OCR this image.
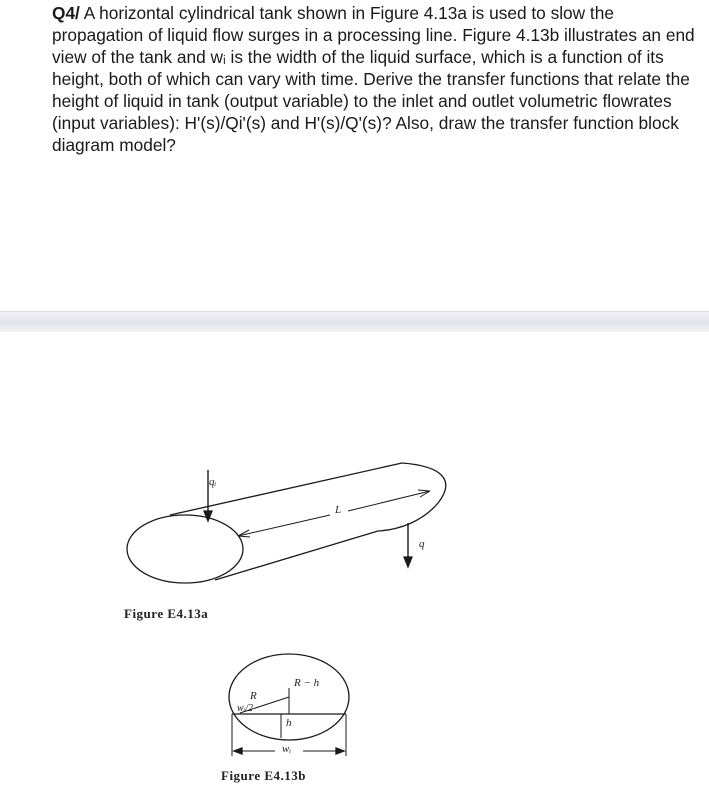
Q4/ A horizontal cylindrical tank shown in Figure 4.13a is used to slow the propagation of liquid flow surges in a processing line. Figure 4.13b illustrates an end view of the tank and wᵢ is the width of the liquid surface, which is a function of its height, both of which can vary with time. Derive the transfer functions that relate the height of liquid in tank (output variable) to the inlet and outlet volumetric flowrates (input variables): H'(s)/Qi'(s) and H'(s)/Q'(s)? Also, draw the transfer function block diagram model?

qᵢ
q
L
Figure E4.13a
R − h
R
wᵢ/2
h
wᵢ
Figure E4.13b
